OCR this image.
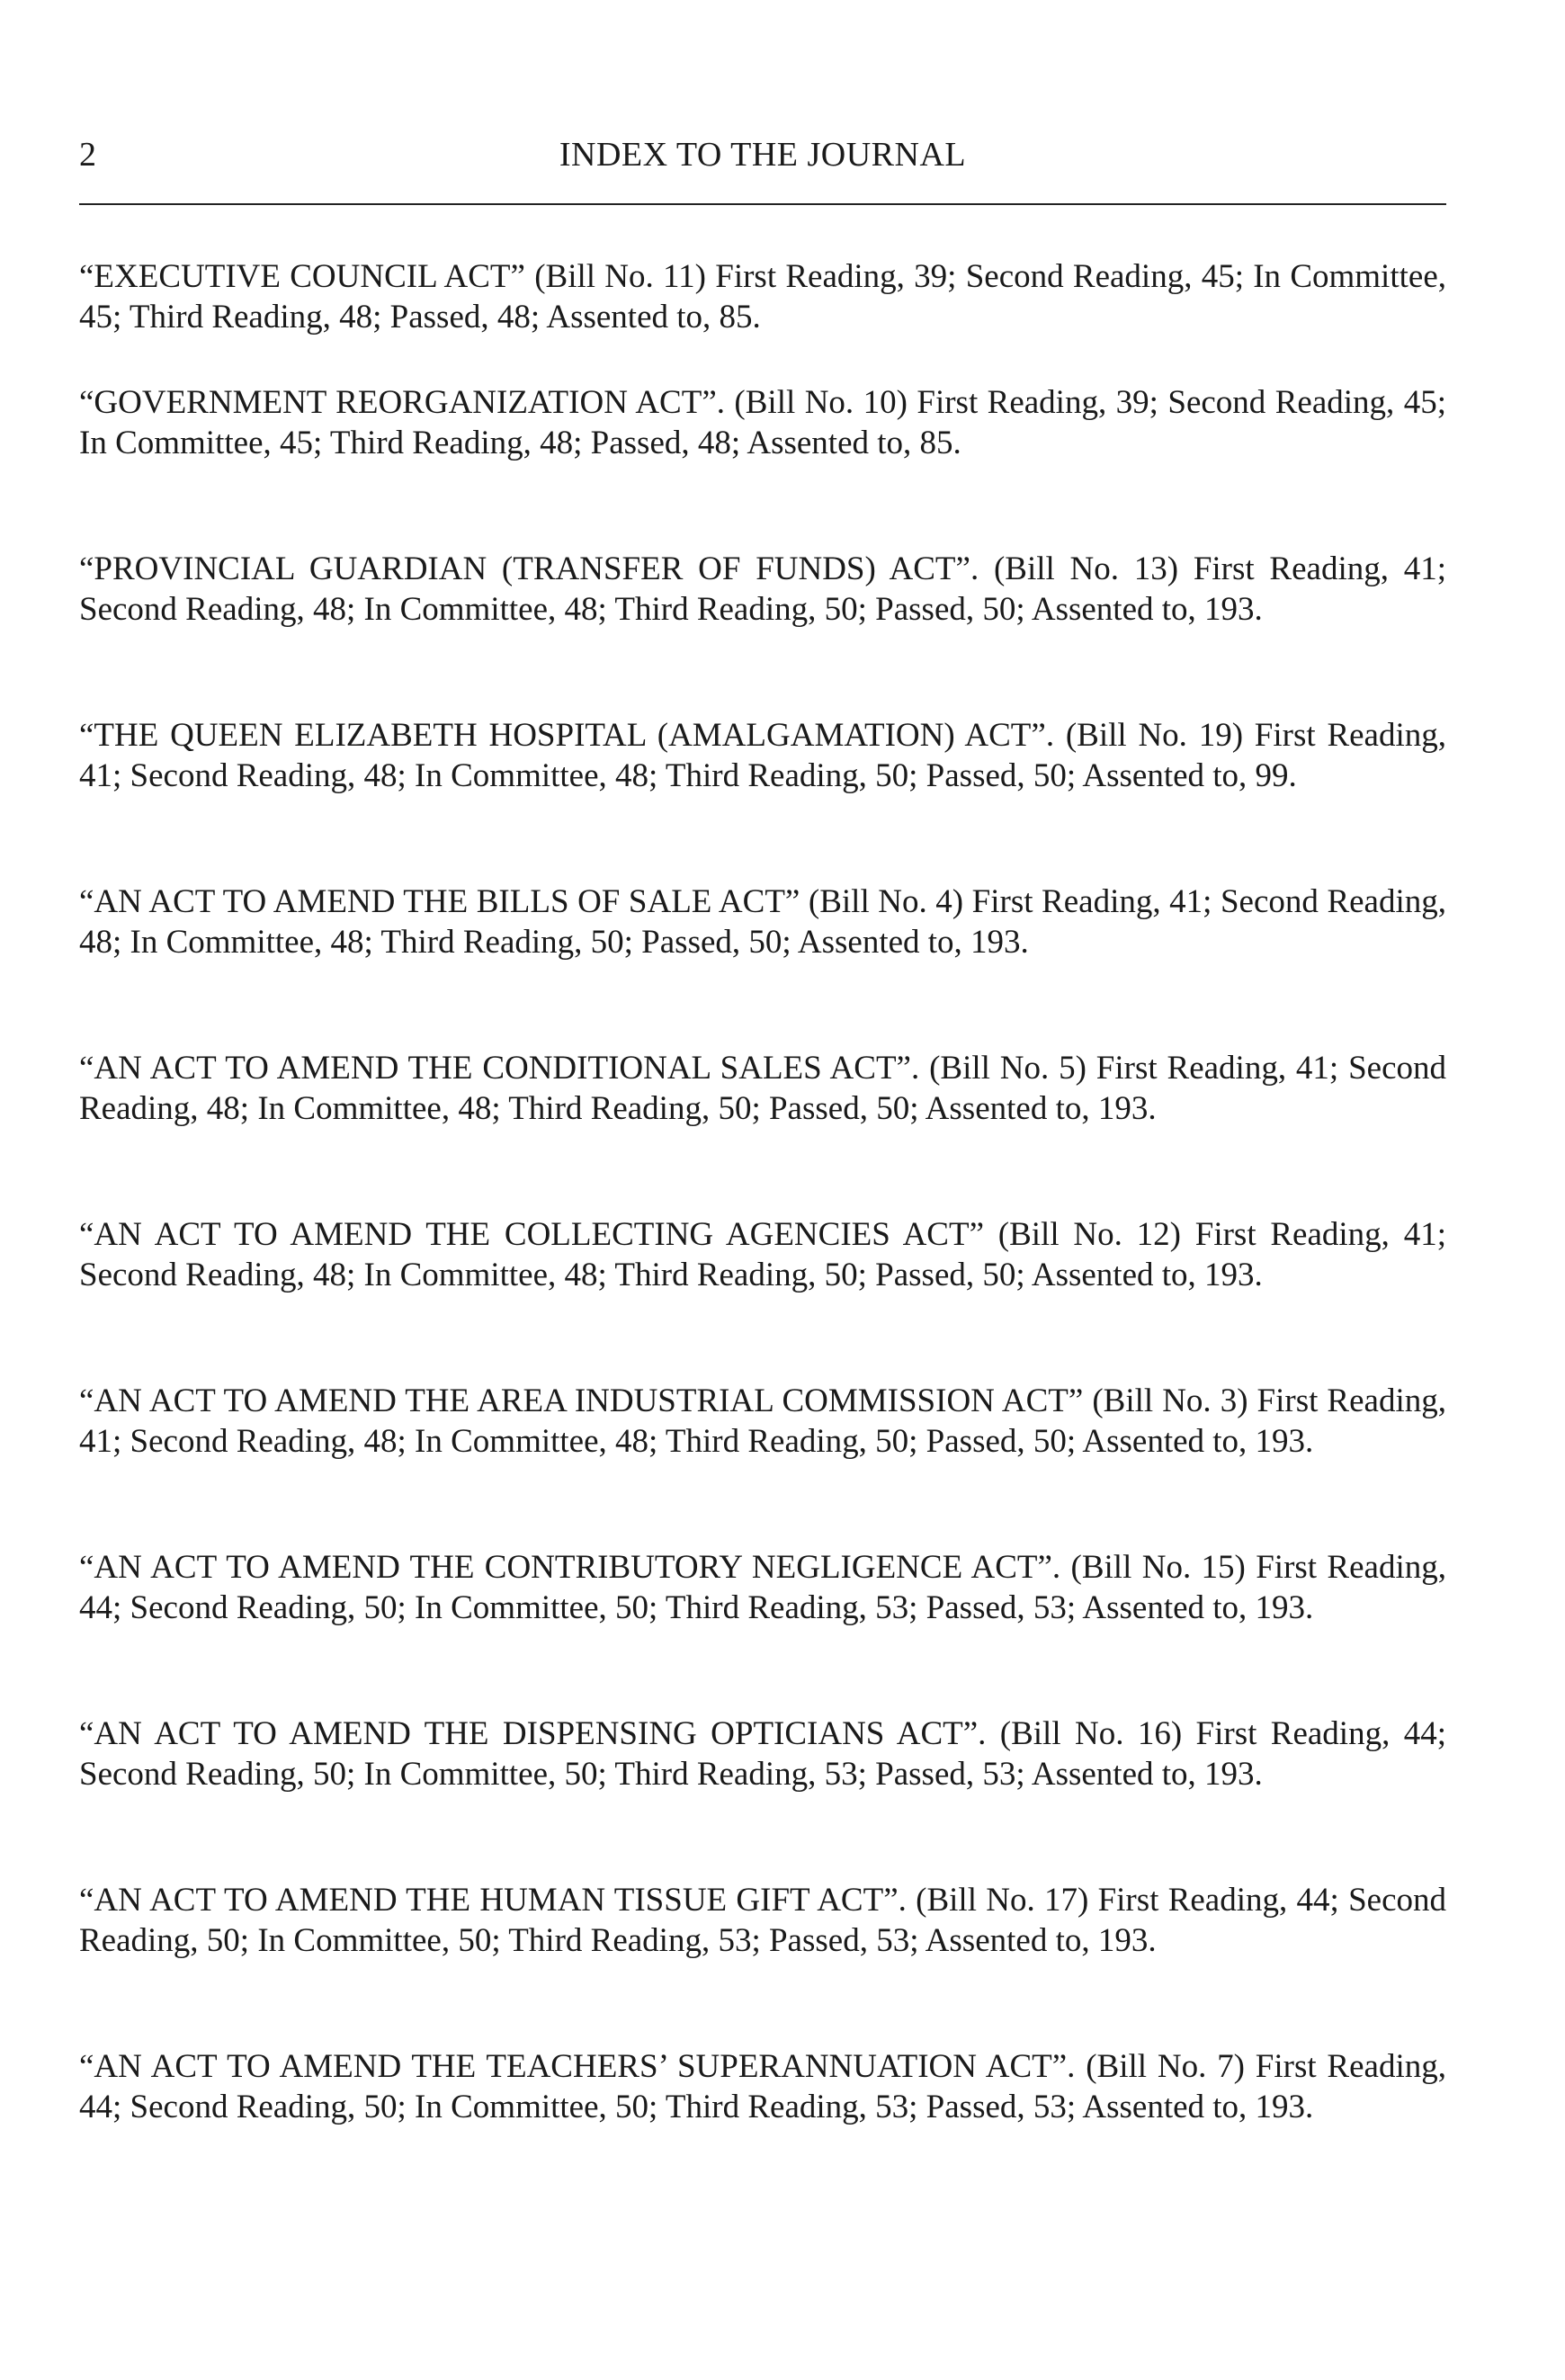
2	INDEX TO THE JOURNAL

“EXECUTIVE COUNCIL ACT” (Bill No. 11) First Reading, 39; Second Reading, 45; In Committee, 45; Third Reading, 48; Passed, 48; Assented to, 85.

“GOVERNMENT REORGANIZATION ACT”. (Bill No. 10) First Reading, 39; Second Reading, 45; In Committee, 45; Third Reading, 48; Passed, 48; Assented to, 85.

“PROVINCIAL GUARDIAN (TRANSFER OF FUNDS) ACT”. (Bill No. 13) First Reading, 41; Second Reading, 48; In Committee, 48; Third Reading, 50; Passed, 50; Assented to, 193.

“THE QUEEN ELIZABETH HOSPITAL (AMALGAMATION) ACT”. (Bill No. 19) First Reading, 41; Second Reading, 48; In Committee, 48; Third Reading, 50; Passed, 50; Assented to, 99.

“AN ACT TO AMEND THE BILLS OF SALE ACT” (Bill No. 4) First Reading, 41; Second Reading, 48; In Committee, 48; Third Reading, 50; Passed, 50; Assented to, 193.

“AN ACT TO AMEND THE CONDITIONAL SALES ACT”. (Bill No. 5) First Reading, 41; Second Reading, 48; In Committee, 48; Third Reading, 50; Passed, 50; Assented to, 193.

“AN ACT TO AMEND THE COLLECTING AGENCIES ACT” (Bill No. 12) First Reading, 41; Second Reading, 48; In Committee, 48; Third Reading, 50; Passed, 50; Assented to, 193.

“AN ACT TO AMEND THE AREA INDUSTRIAL COMMISSION ACT” (Bill No. 3) First Reading, 41; Second Reading, 48; In Committee, 48; Third Reading, 50; Passed, 50; Assented to, 193.

“AN ACT TO AMEND THE CONTRIBUTORY NEGLIGENCE ACT”. (Bill No. 15) First Reading, 44; Second Reading, 50; In Committee, 50; Third Reading, 53; Passed, 53; Assented to, 193.

“AN ACT TO AMEND THE DISPENSING OPTICIANS ACT”. (Bill No. 16) First Reading, 44; Second Reading, 50; In Committee, 50; Third Reading, 53; Passed, 53; Assented to, 193.

“AN ACT TO AMEND THE HUMAN TISSUE GIFT ACT”. (Bill No. 17) First Reading, 44; Second Reading, 50; In Committee, 50; Third Reading, 53; Passed, 53; Assented to, 193.

“AN ACT TO AMEND THE TEACHERS’ SUPERANNUATION ACT”. (Bill No. 7) First Reading, 44; Second Reading, 50; In Committee, 50; Third Reading, 53; Passed, 53; Assented to, 193.
